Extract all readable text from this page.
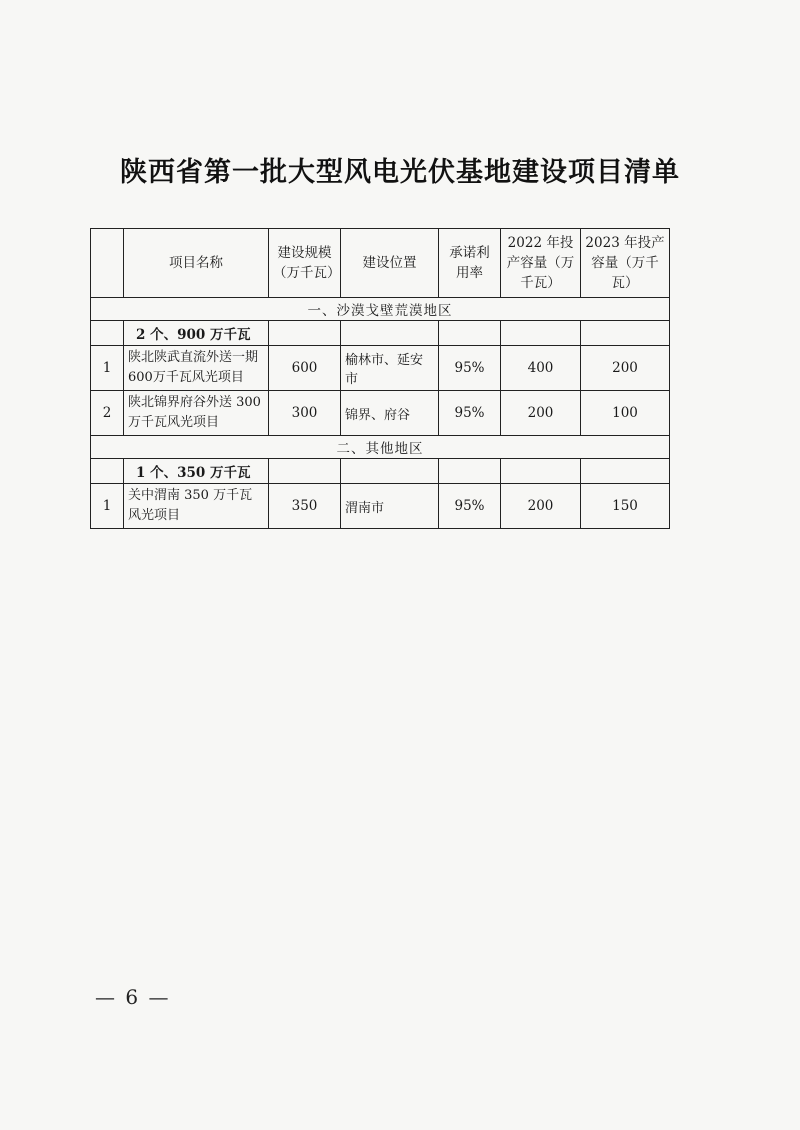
陕西省第一批大型风电光伏基地建设项目清单
	项目名称	建设规模（万千瓦）	建设位置	承诺利用率	2022 年投产容量（万千瓦）	2023 年投产容量（万千瓦）
一、沙漠戈壁荒漠地区						
	2 个、900 万千瓦					
1	陕北陕武直流外送一期600万千瓦风光项目	600	榆林市、延安市	95%	400	200
2	陕北锦界府谷外送 300万千瓦风光项目	300	锦界、府谷	95%	200	100
二、其他地区						
	1 个、350 万千瓦					
1	关中渭南 350 万千瓦风光项目	350	渭南市	95%	200	150
— 6 —
